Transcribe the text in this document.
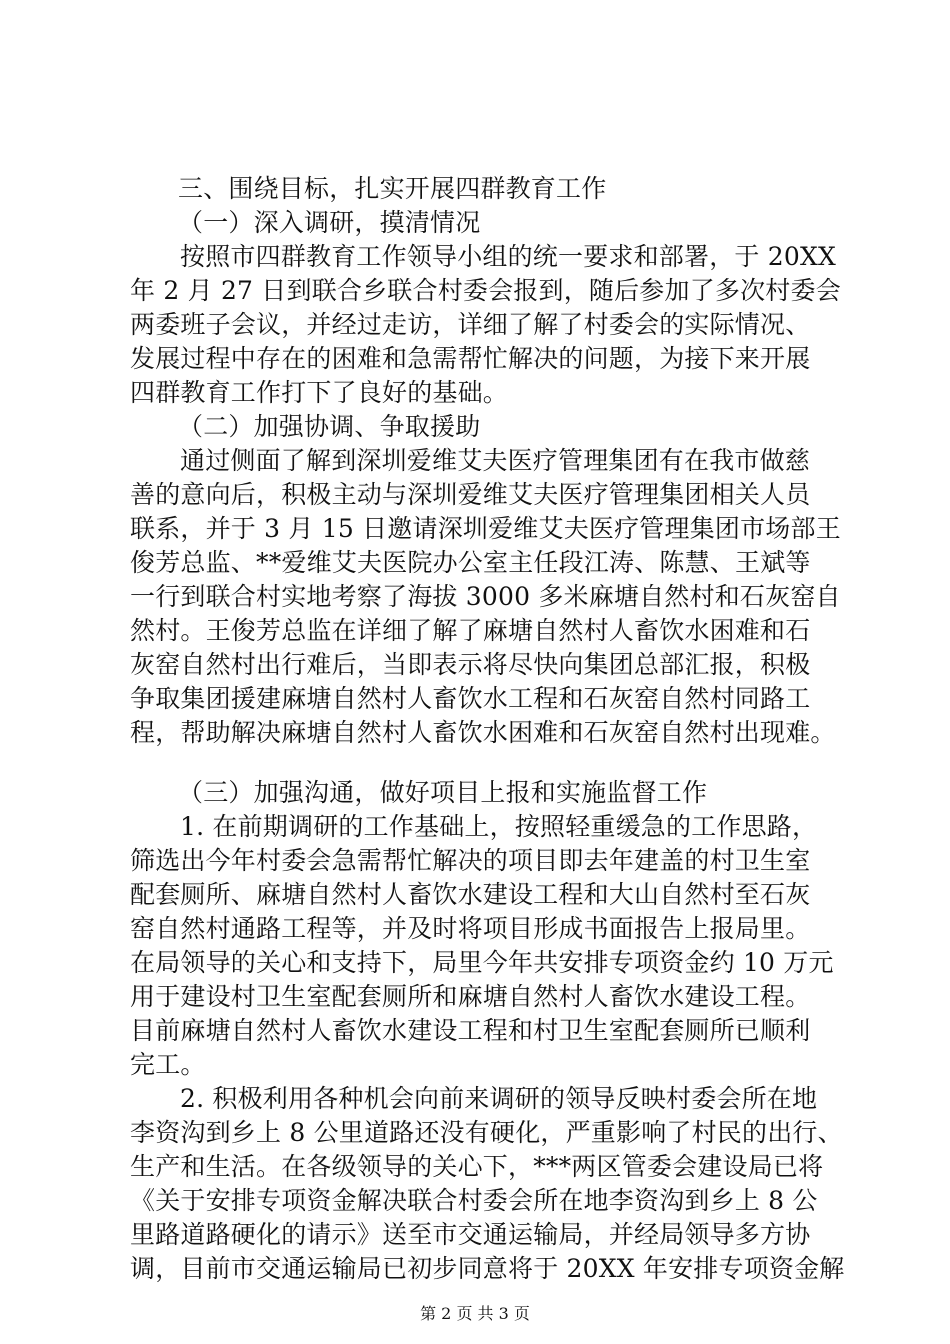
三、围绕目标，扎实开展四群教育工作
（一）深入调研，摸清情况
按照市四群教育工作领导小组的统一要求和部署，于 20XX
年 2 月 27 日到联合乡联合村委会报到，随后参加了多次村委会
两委班子会议，并经过走访，详细了解了村委会的实际情况、
发展过程中存在的困难和急需帮忙解决的问题，为接下来开展
四群教育工作打下了良好的基础。
（二）加强协调、争取援助
通过侧面了解到深圳爱维艾夫医疗管理集团有在我市做慈
善的意向后，积极主动与深圳爱维艾夫医疗管理集团相关人员
联系，并于 3 月 15 日邀请深圳爱维艾夫医疗管理集团市场部王
俊芳总监、**爱维艾夫医院办公室主任段江涛、陈慧、王斌等
一行到联合村实地考察了海拔 3000 多米麻塘自然村和石灰窑自
然村。王俊芳总监在详细了解了麻塘自然村人畜饮水困难和石
灰窑自然村出行难后，当即表示将尽快向集团总部汇报，积极
争取集团援建麻塘自然村人畜饮水工程和石灰窑自然村同路工
程，帮助解决麻塘自然村人畜饮水困难和石灰窑自然村出现难。
（三）加强沟通，做好项目上报和实施监督工作
1. 在前期调研的工作基础上，按照轻重缓急的工作思路，
筛选出今年村委会急需帮忙解决的项目即去年建盖的村卫生室
配套厕所、麻塘自然村人畜饮水建设工程和大山自然村至石灰
窑自然村通路工程等，并及时将项目形成书面报告上报局里。
在局领导的关心和支持下，局里今年共安排专项资金约 10 万元
用于建设村卫生室配套厕所和麻塘自然村人畜饮水建设工程。
目前麻塘自然村人畜饮水建设工程和村卫生室配套厕所已顺利
完工。
2. 积极利用各种机会向前来调研的领导反映村委会所在地
李资沟到乡上 8 公里道路还没有硬化，严重影响了村民的出行、
生产和生活。在各级领导的关心下，***两区管委会建设局已将
《关于安排专项资金解决联合村委会所在地李资沟到乡上 8 公
里路道路硬化的请示》送至市交通运输局，并经局领导多方协
调，目前市交通运输局已初步同意将于 20XX 年安排专项资金解
第 2 页 共 3 页
